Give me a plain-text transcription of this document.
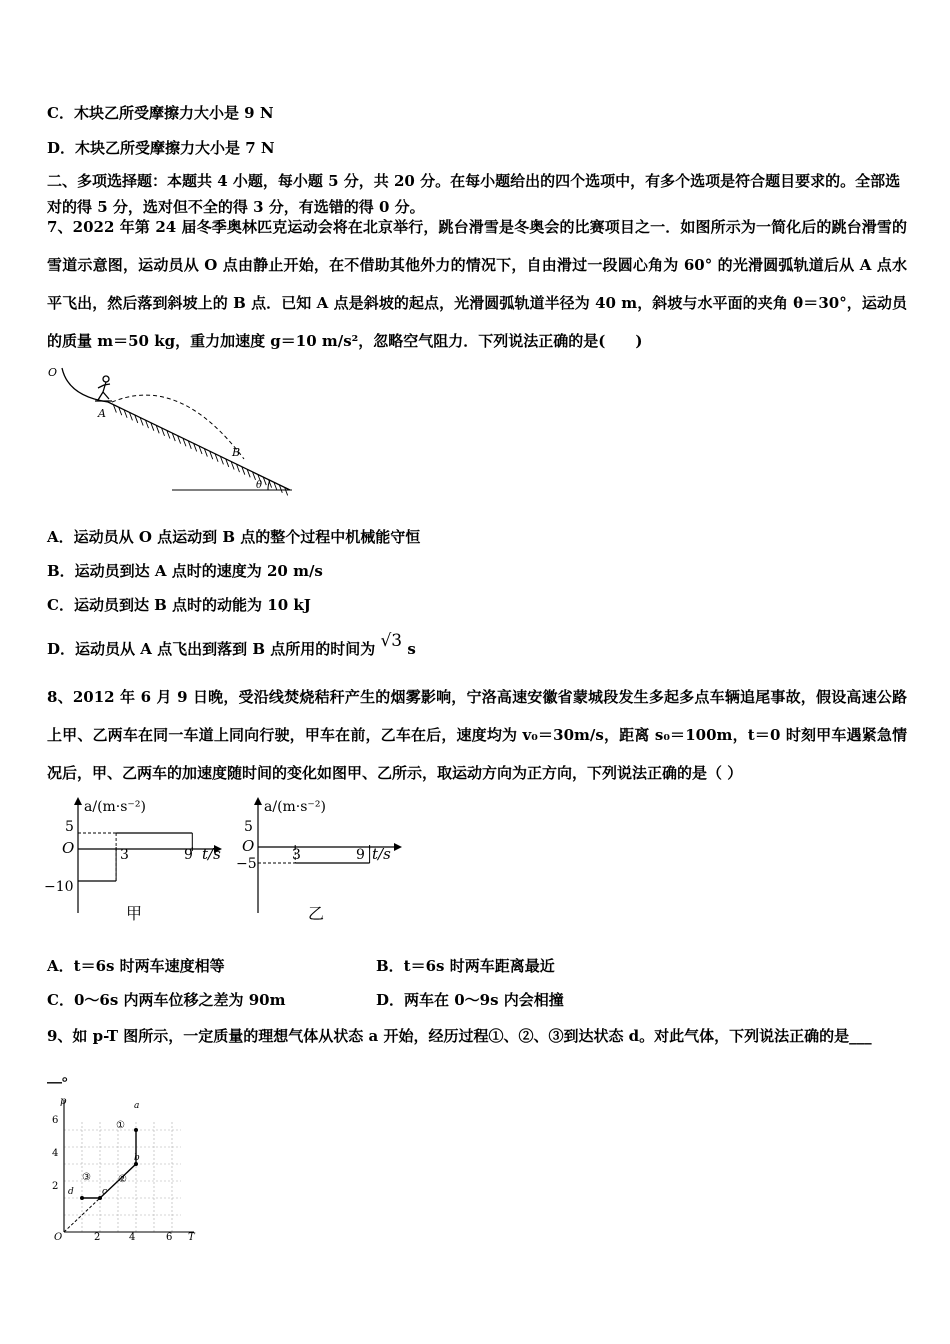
C．木块乙所受摩擦力大小是 9 N
D．木块乙所受摩擦力大小是 7 N
二、多项选择题：本题共 4 小题，每小题 5 分，共 20 分。在每小题给出的四个选项中，有多个选项是符合题目要求的。全部选对的得 5 分，选对但不全的得 3 分，有选错的得 0 分。
7、2022 年第 24 届冬季奥林匹克运动会将在北京举行，跳台滑雪是冬奥会的比赛项目之一．如图所示为一简化后的跳台滑雪的雪道示意图，运动员从 O 点由静止开始，在不借助其他外力的情况下，自由滑过一段圆心角为 60° 的光滑圆弧轨道后从 A 点水平飞出，然后落到斜坡上的 B 点．已知 A 点是斜坡的起点，光滑圆弧轨道半径为 40 m，斜坡与水平面的夹角 θ＝30°，运动员的质量 m＝50 kg，重力加速度 g＝10 m/s²，忽略空气阻力．下列说法正确的是(　　)
O
A
B
θ
A．运动员从 O 点运动到 B 点的整个过程中机械能守恒
B．运动员到达 A 点时的速度为 20 m/s
C．运动员到达 B 点时的动能为 10 kJ
D．运动员从 A 点飞出到落到 B 点所用的时间为 √3 s
8、2012 年 6 月 9 日晚，受沿线焚烧秸秆产生的烟雾影响，宁洛高速安徽省蒙城段发生多起多点车辆追尾事故，假设高速公路上甲、乙两车在同一车道上同向行驶，甲车在前，乙车在后，速度均为 v₀＝30m/s，距离 s₀＝100m，t＝0 时刻甲车遇紧急情况后，甲、乙两车的加速度随时间的变化如图甲、乙所示，取运动方向为正方向，下列说法正确的是（ ）
a/(m·s⁻²)
5
O	3	9 t/s
−10
甲
a/(m·s⁻²)
5
O
−5
3	9 t/s
乙
A．t＝6s 时两车速度相等	B．t＝6s 时两车距离最近
C．0～6s 内两车位移之差为 90m	D．两车在 0～9s 内会相撞
9、如 p-T 图所示，一定质量的理想气体从状态 a 开始，经历过程①、②、③到达状态 d。对此气体，下列说法正确的是___
__。
p
T
O
2
4
6
2	4	6
a
b
c
d
①
②
③
